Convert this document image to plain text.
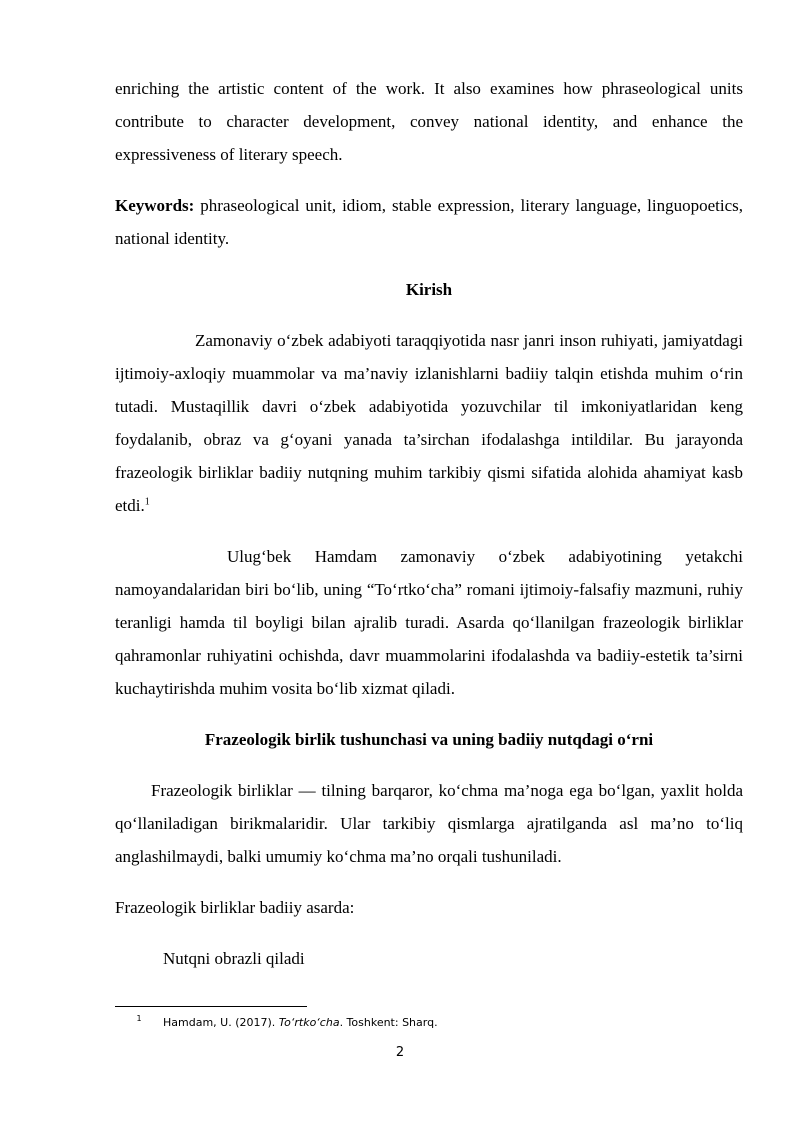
enriching the artistic content of the work. It also examines how phraseological units contribute to character development, convey national identity, and enhance the expressiveness of literary speech.

Keywords: phraseological unit, idiom, stable expression, literary language, linguopoetics, national identity.

Kirish

Zamonaviy o‘zbek adabiyoti taraqqiyotida nasr janri inson ruhiyati, jamiyatdagi ijtimoiy-axloqiy muammolar va ma’naviy izlanishlarni badiiy talqin etishda muhim o‘rin tutadi. Mustaqillik davri o‘zbek adabiyotida yozuvchilar til imkoniyatlaridan keng foydalanib, obraz va g‘oyani yanada ta’sirchan ifodalashga intildilar. Bu jarayonda frazeologik birliklar badiiy nutqning muhim tarkibiy qismi sifatida alohida ahamiyat kasb etdi.$^1$

Ulug‘bek Hamdam zamonaviy o‘zbek adabiyotining yetakchi namoyandalaridan biri bo‘lib, uning “To‘rtko‘cha” romani ijtimoiy-falsafiy mazmuni, ruhiy teranligi hamda til boyligi bilan ajralib turadi. Asarda qo‘llanilgan frazeologik birliklar qahramonlar ruhiyatini ochishda, davr muammolarini ifodalashda va badiiy-estetik ta’sirni kuchaytirishda muhim vosita bo‘lib xizmat qiladi.

Frazeologik birlik tushunchasi va uning badiiy nutqdagi o‘rni

Frazeologik birliklar — tilning barqaror, ko‘chma ma’noga ega bo‘lgan, yaxlit holda qo‘llaniladigan birikmalaridir. Ular tarkibiy qismlarga ajratilganda asl ma’no to‘liq anglashilmaydi, balki umumiy ko‘chma ma’no orqali tushuniladi.

Frazeologik birliklar badiiy asarda:

Nutqni obrazli qiladi

1 Hamdam, U. (2017). To‘rtko‘cha. Toshkent: Sharq.
2
